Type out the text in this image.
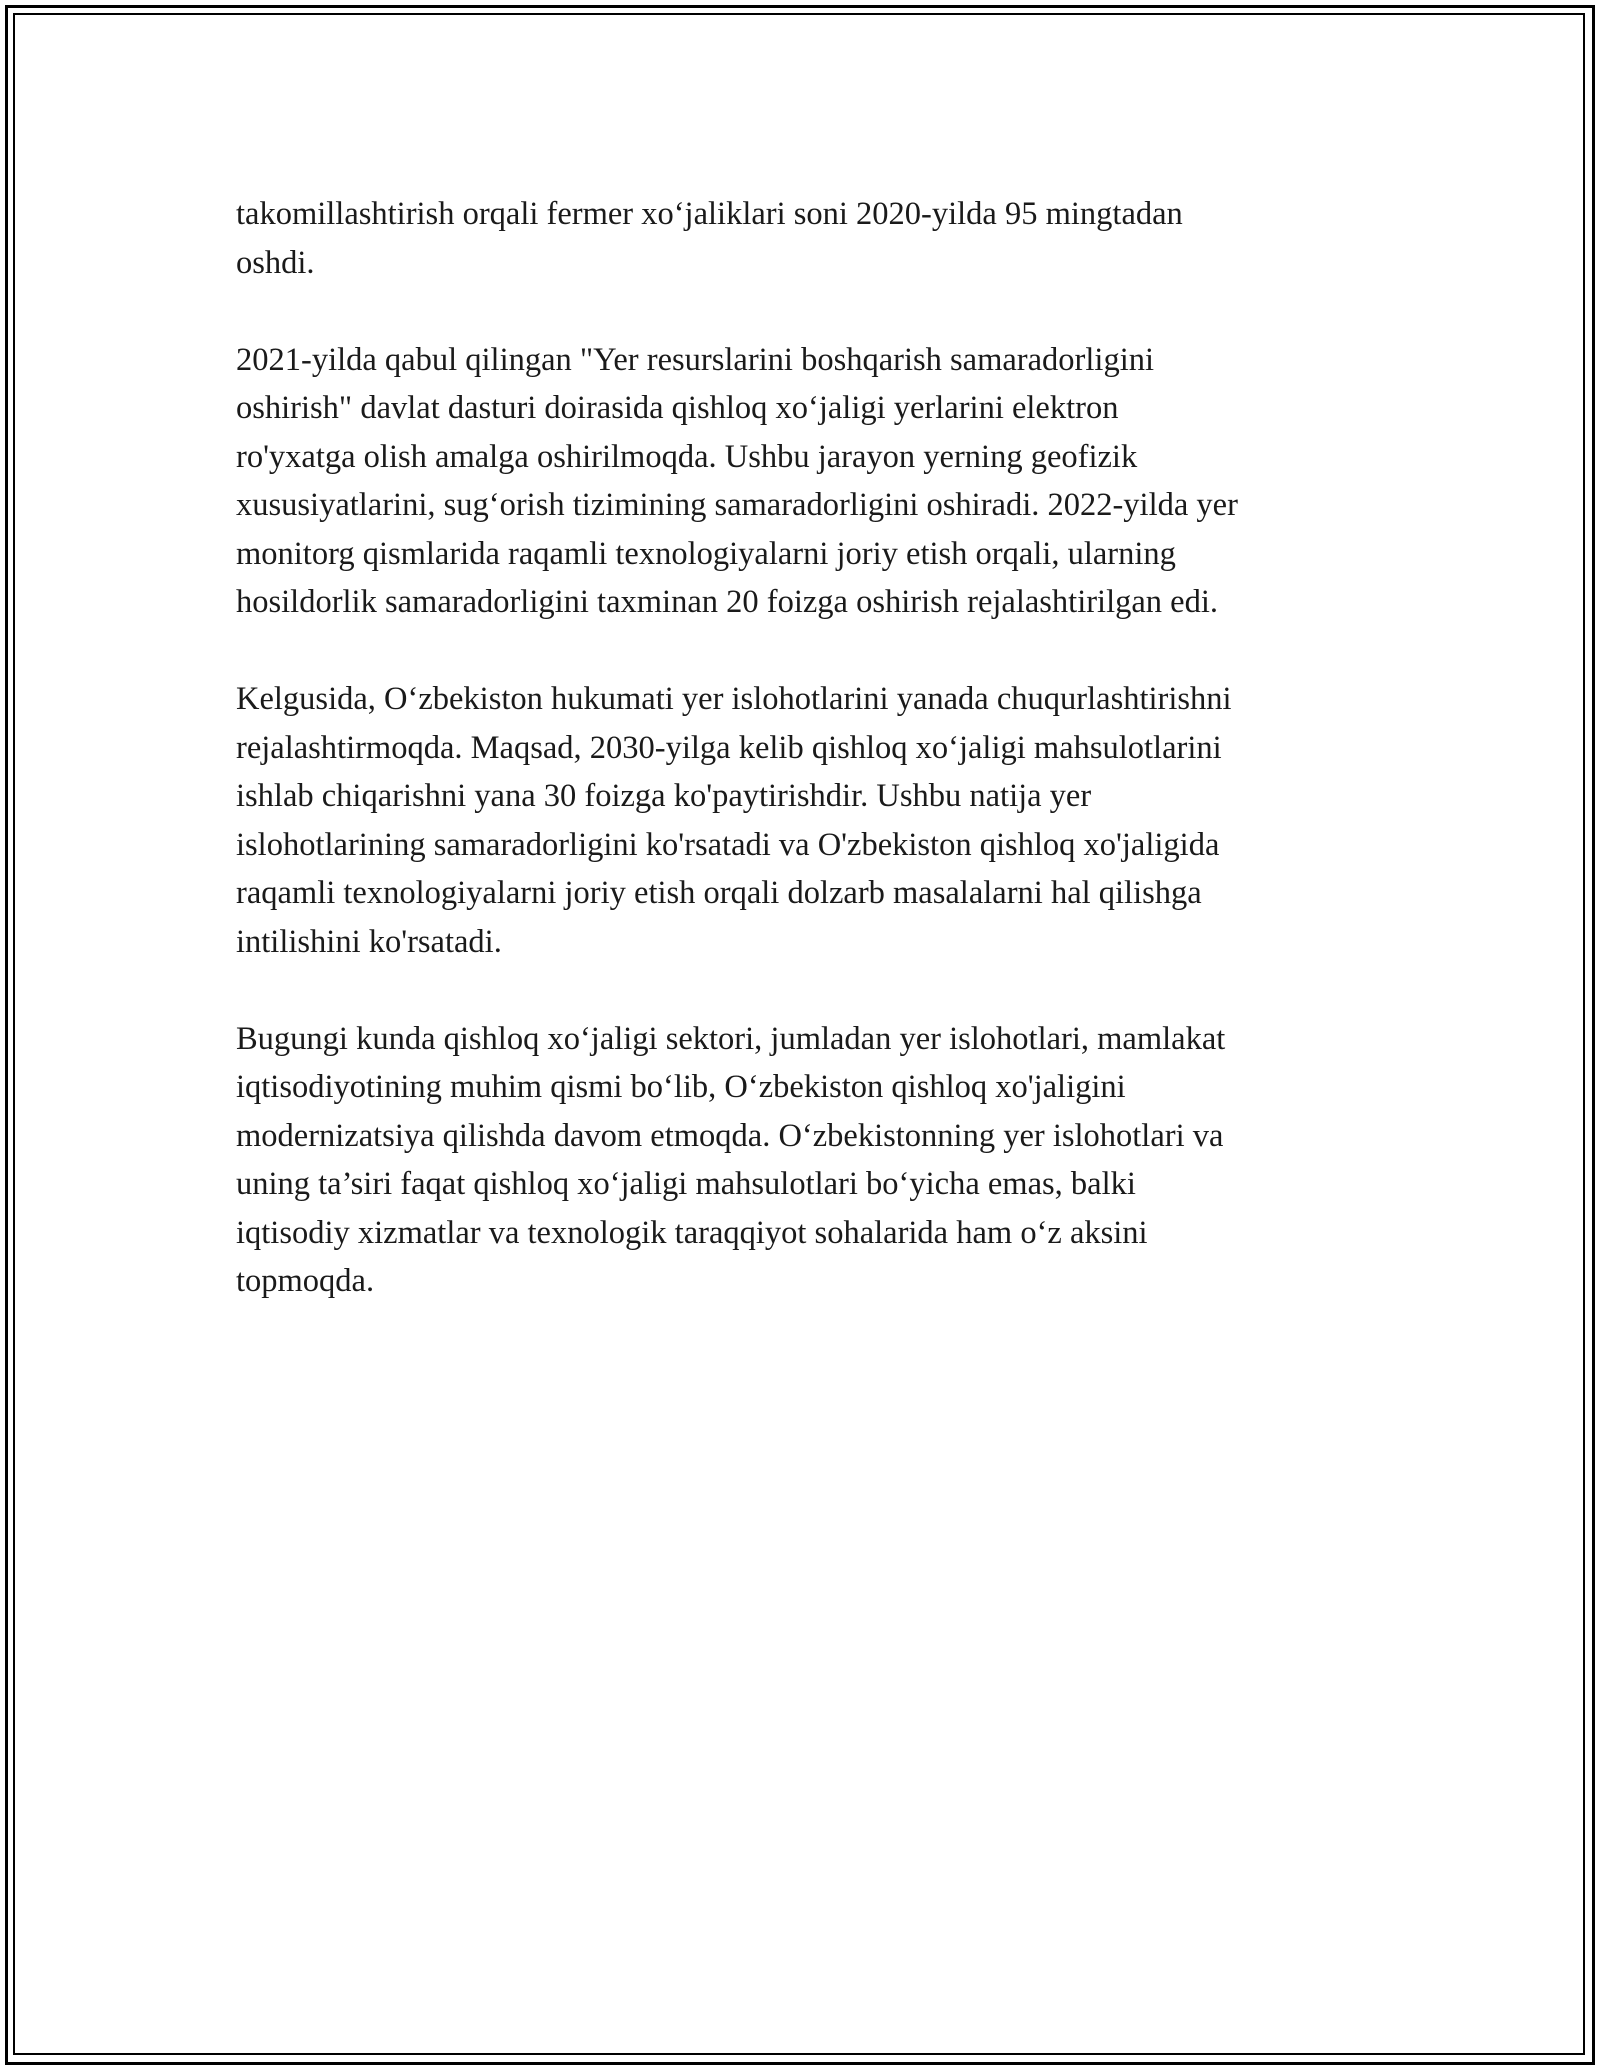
takomillashtirish orqali fermer xo‘jaliklari soni 2020-yilda 95 mingtadan
oshdi.

2021-yilda qabul qilingan "Yer resurslarini boshqarish samaradorligini
oshirish" davlat dasturi doirasida qishloq xo‘jaligi yerlarini elektron
ro'yxatga olish amalga oshirilmoqda. Ushbu jarayon yerning geofizik
xususiyatlarini, sug‘orish tizimining samaradorligini oshiradi. 2022-yilda yer
monitorg qismlarida raqamli texnologiyalarni joriy etish orqali, ularning
hosildorlik samaradorligini taxminan 20 foizga oshirish rejalashtirilgan edi.

Kelgusida, O‘zbekiston hukumati yer islohotlarini yanada chuqurlashtirishni
rejalashtirmoqda. Maqsad, 2030-yilga kelib qishloq xo‘jaligi mahsulotlarini
ishlab chiqarishni yana 30 foizga ko'paytirishdir. Ushbu natija yer
islohotlarining samaradorligini ko'rsatadi va O'zbekiston qishloq xo'jaligida
raqamli texnologiyalarni joriy etish orqali dolzarb masalalarni hal qilishga
intilishini ko'rsatadi.

Bugungi kunda qishloq xo‘jaligi sektori, jumladan yer islohotlari, mamlakat
iqtisodiyotining muhim qismi bo‘lib, O‘zbekiston qishloq xo'jaligini
modernizatsiya qilishda davom etmoqda. O‘zbekistonning yer islohotlari va
uning ta’siri faqat qishloq xo‘jaligi mahsulotlari bo‘yicha emas, balki
iqtisodiy xizmatlar va texnologik taraqqiyot sohalarida ham o‘z aksini
topmoqda.
